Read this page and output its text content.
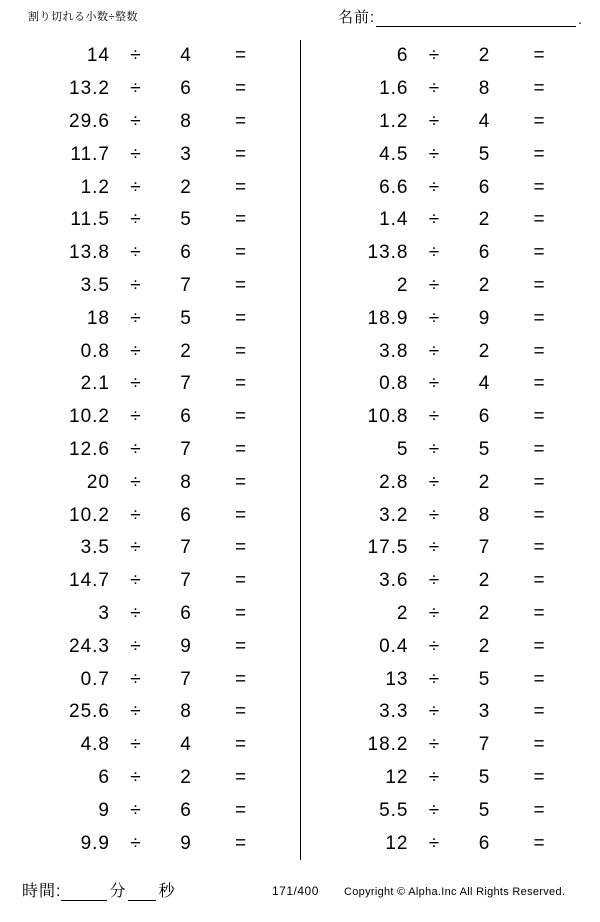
割り切れる小数÷整数	名前:	.
14	÷	4	=
13.2	÷	6	=
29.6	÷	8	=
11.7	÷	3	=
1.2	÷	2	=
11.5	÷	5	=
13.8	÷	6	=
3.5	÷	7	=
18	÷	5	=
0.8	÷	2	=
2.1	÷	7	=
10.2	÷	6	=
12.6	÷	7	=
20	÷	8	=
10.2	÷	6	=
3.5	÷	7	=
14.7	÷	7	=
3	÷	6	=
24.3	÷	9	=
0.7	÷	7	=
25.6	÷	8	=
4.8	÷	4	=
6	÷	2	=
9	÷	6	=
9.9	÷	9	=
6	÷	2	=
1.6	÷	8	=
1.2	÷	4	=
4.5	÷	5	=
6.6	÷	6	=
1.4	÷	2	=
13.8	÷	6	=
2	÷	2	=
18.9	÷	9	=
3.8	÷	2	=
0.8	÷	4	=
10.8	÷	6	=
5	÷	5	=
2.8	÷	2	=
3.2	÷	8	=
17.5	÷	7	=
3.6	÷	2	=
2	÷	2	=
0.4	÷	2	=
13	÷	5	=
3.3	÷	3	=
18.2	÷	7	=
12	÷	5	=
5.5	÷	5	=
12	÷	6	=
時間:	分 秒	171/400 Copyright © Alpha.Inc All Rights Reserved.
